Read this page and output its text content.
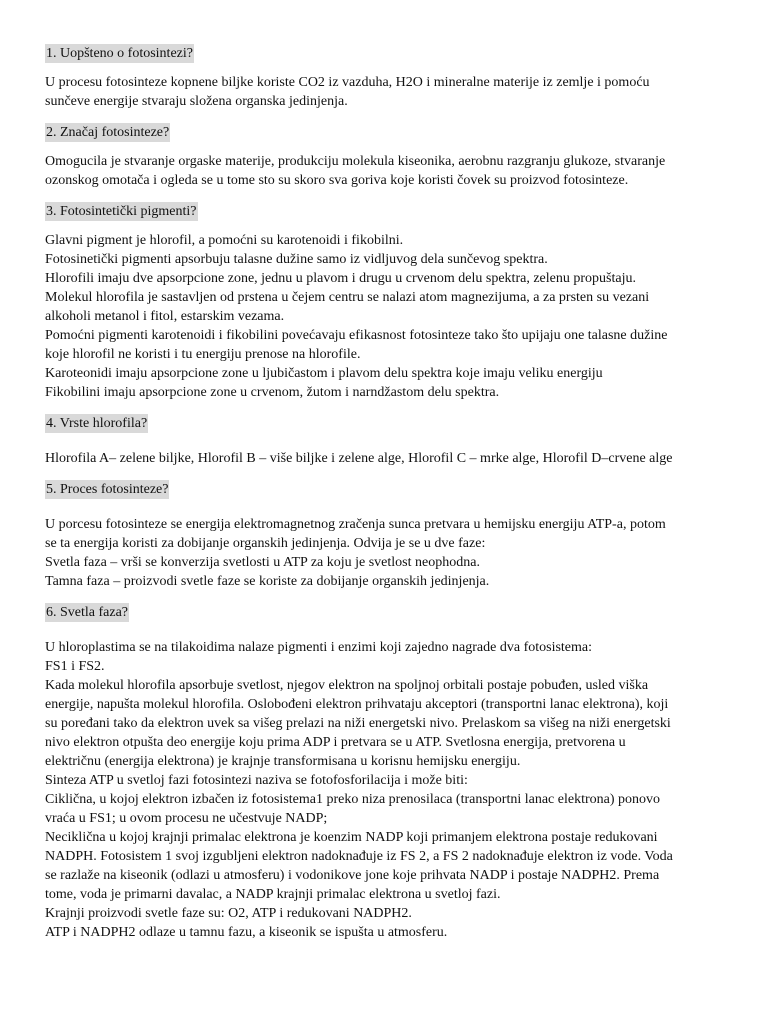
1. Uopšteno o fotosintezi?
U procesu fotosinteze kopnene biljke koriste CO2 iz vazduha, H2O i mineralne materije iz zemlje i pomoću
sunčeve energije stvaraju složena organska jedinjenja.
2. Značaj fotosinteze?
Omogucila je stvaranje orgaske materije, produkciju molekula kiseonika, aerobnu razgranju glukoze, stvaranje
ozonskog omotača i ogleda se u tome sto su skoro sva goriva koje koristi čovek su proizvod fotosinteze.
3. Fotosintetički pigmenti?
Glavni pigment je hlorofil, a pomoćni su karotenoidi i fikobilni.
Fotosinetički pigmenti apsorbuju talasne dužine samo iz vidljuvog dela sunčevog spektra.
Hlorofili imaju dve apsorpcione zone, jednu u plavom i drugu u crvenom delu spektra, zelenu propuštaju.
Molekul hlorofila je sastavljen od prstena u čejem centru se nalazi atom magnezijuma, a za prsten su vezani
alkoholi metanol i fitol, estarskim vezama.
Pomoćni pigmenti karotenoidi i fikobilini povećavaju efikasnost fotosinteze tako što upijaju one talasne dužine
koje hlorofil ne koristi i tu energiju prenose na hlorofile.
Karoteonidi imaju apsorpcione zone u ljubičastom i plavom delu spektra koje imaju veliku energiju
Fikobilini imaju apsorpcione zone u crvenom, žutom i narndžastom delu spektra.
4. Vrste hlorofila?
Hlorofila A– zelene biljke, Hlorofil B – više biljke i zelene alge, Hlorofil C – mrke alge, Hlorofil D–crvene alge
5. Proces fotosinteze?
U porcesu fotosinteze se energija elektromagnetnog zračenja sunca pretvara u hemijsku energiju ATP-a, potom
se ta energija koristi za dobijanje organskih jedinjenja. Odvija je se u dve faze:
Svetla faza – vrši se konverzija svetlosti u ATP za koju je svetlost neophodna.
Tamna faza – proizvodi svetle faze se koriste za dobijanje organskih jedinjenja.
6. Svetla faza?
U hloroplastima se na tilakoidima nalaze pigmenti i enzimi koji zajedno nagrade dva fotosistema:
FS1 i FS2.
Kada molekul hlorofila apsorbuje svetlost, njegov elektron na spoljnoj orbitali postaje pobuđen, usled viška
energije, napušta molekul hlorofila. Oslobođeni elektron prihvataju akceptori (transportni lanac elektrona), koji
su poređani tako da elektron uvek sa višeg prelazi na niži energetski nivo. Prelaskom sa višeg na niži energetski
nivo elektron otpušta deo energije koju prima ADP i pretvara se u ATP. Svetlosna energija, pretvorena u
električnu (energija elektrona) je krajnje transformisana u korisnu hemijsku energiju.
Sinteza ATP u svetloj fazi fotosintezi naziva se fotofosforilacija i može biti:
Ciklična, u kojoj elektron izbačen iz fotosistema1 preko niza prenosilaca (transportni lanac elektrona) ponovo
vraća u FS1; u ovom procesu ne učestvuje NADP;
Neciklična u kojoj krajnji primalac elektrona je koenzim NADP koji primanjem elektrona postaje redukovani
NADPH. Fotosistem 1 svoj izgubljeni elektron nadoknađuje iz FS 2, a FS 2 nadoknađuje elektron iz vode. Voda
se razlaže na kiseonik (odlazi u atmosferu) i vodonikove jone koje prihvata NADP i postaje NADPH2. Prema
tome, voda je primarni davalac, a NADP krajnji primalac elektrona u svetloj fazi.
Krajnji proizvodi svetle faze su: O2, ATP i redukovani NADPH2.
ATP i NADPH2 odlaze u tamnu fazu, a kiseonik se ispušta u atmosferu.
